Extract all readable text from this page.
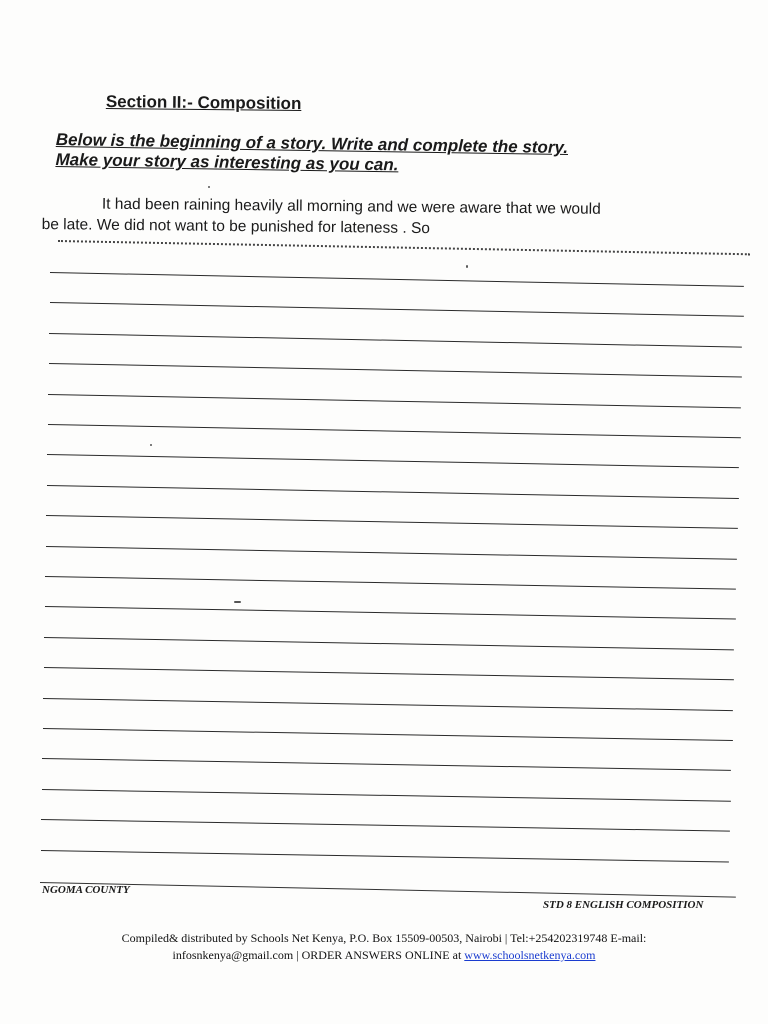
Section II:- Composition
Below is the beginning of a story. Write and complete the story.
Make your story as interesting as you can.
It had been raining heavily all morning and we were aware that we would
be late. We did not want to be punished for lateness . So
NGOMA COUNTY
STD 8 ENGLISH COMPOSITION
Compiled& distributed by Schools Net Kenya, P.O. Box 15509-00503, Nairobi | Tel:+254202319748 E-mail:
infosnkenya@gmail.com | ORDER ANSWERS ONLINE at www.schoolsnetkenya.com
